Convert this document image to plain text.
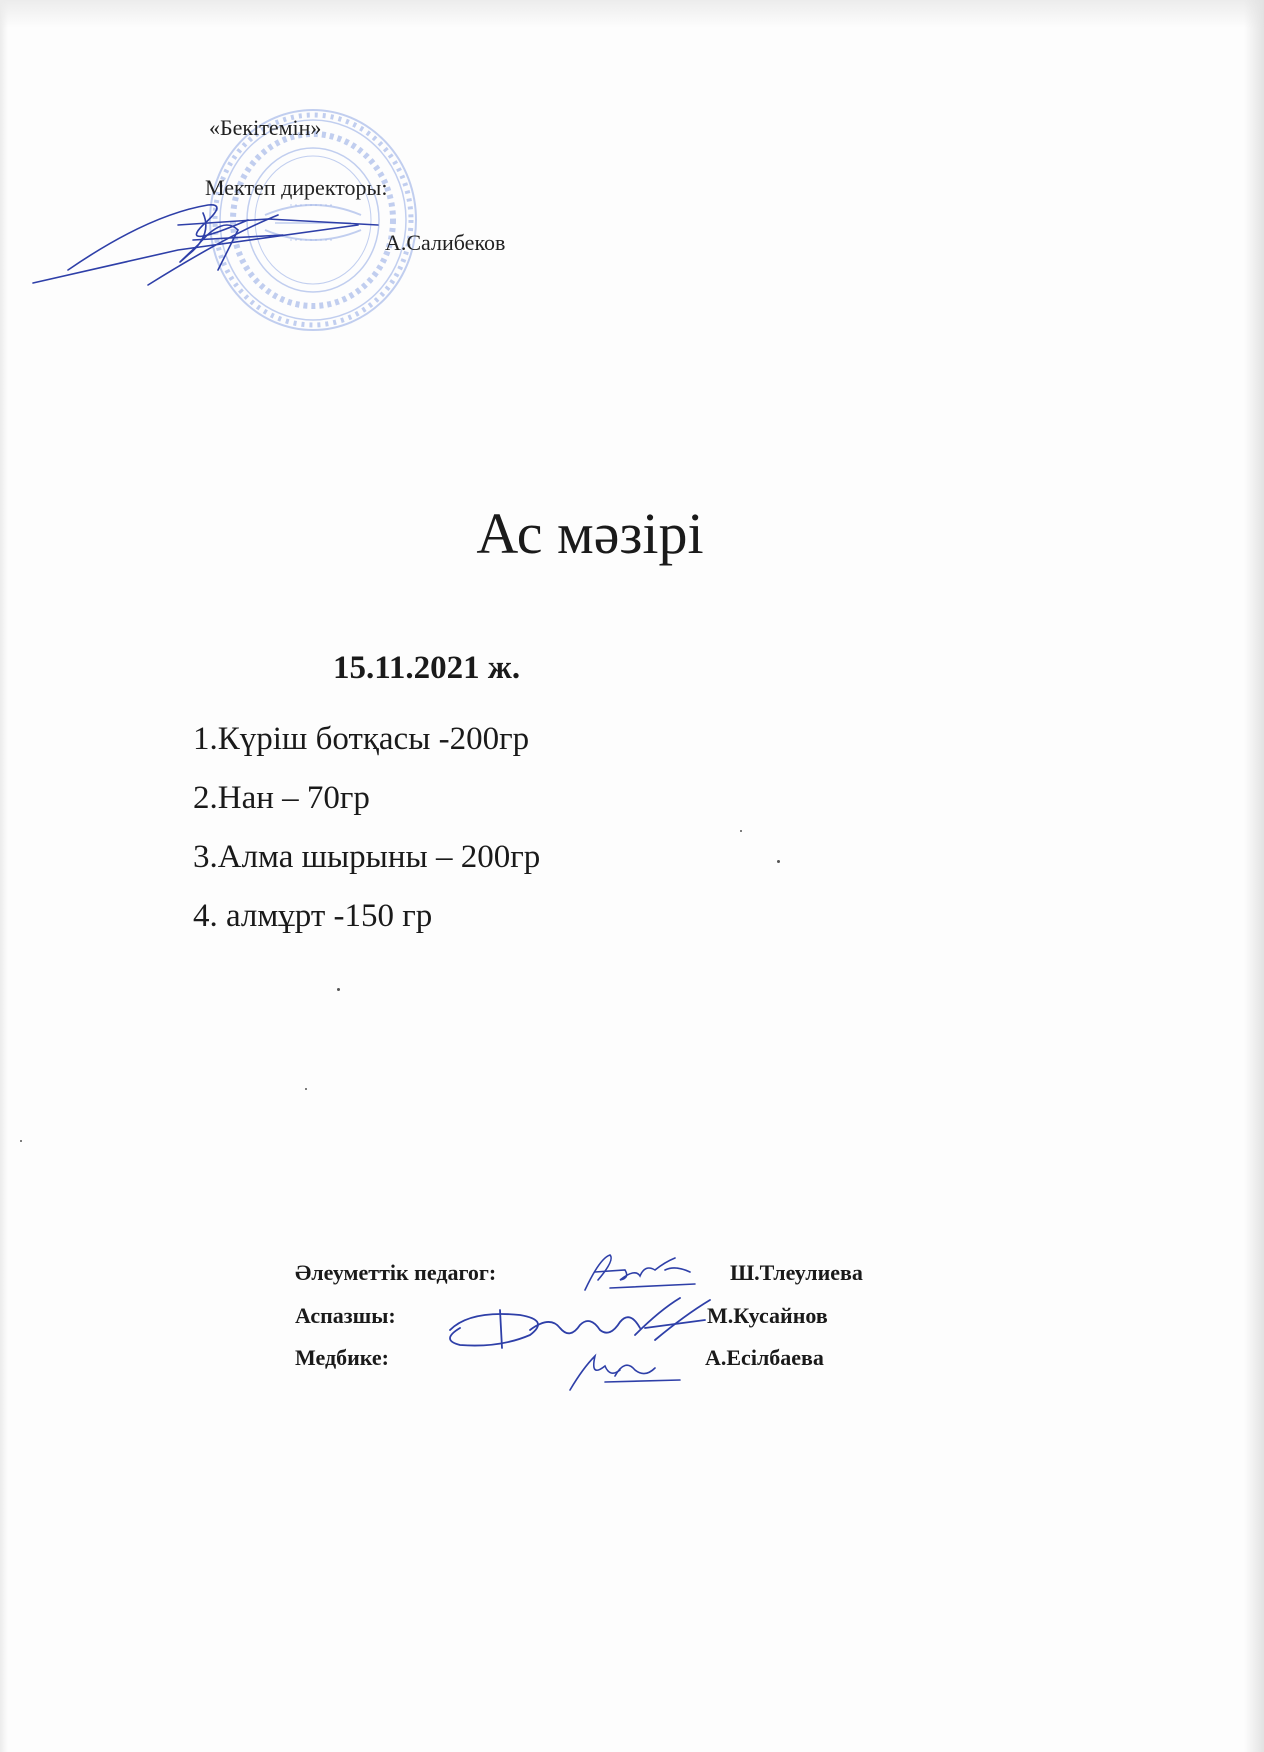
«Бекітемін»
Мектеп директоры:
А.Салибеков
Ас мәзірі
15.11.2021 ж.
1.Күріш ботқасы -200гр
2.Нан – 70гр
3.Алма шырыны – 200гр
4. алмұрт -150 гр
Әлеуметтік педагог:	Ш.Тлеулиева
Аспазшы:	М.Кусайнов
Медбике:	А.Есілбаева
